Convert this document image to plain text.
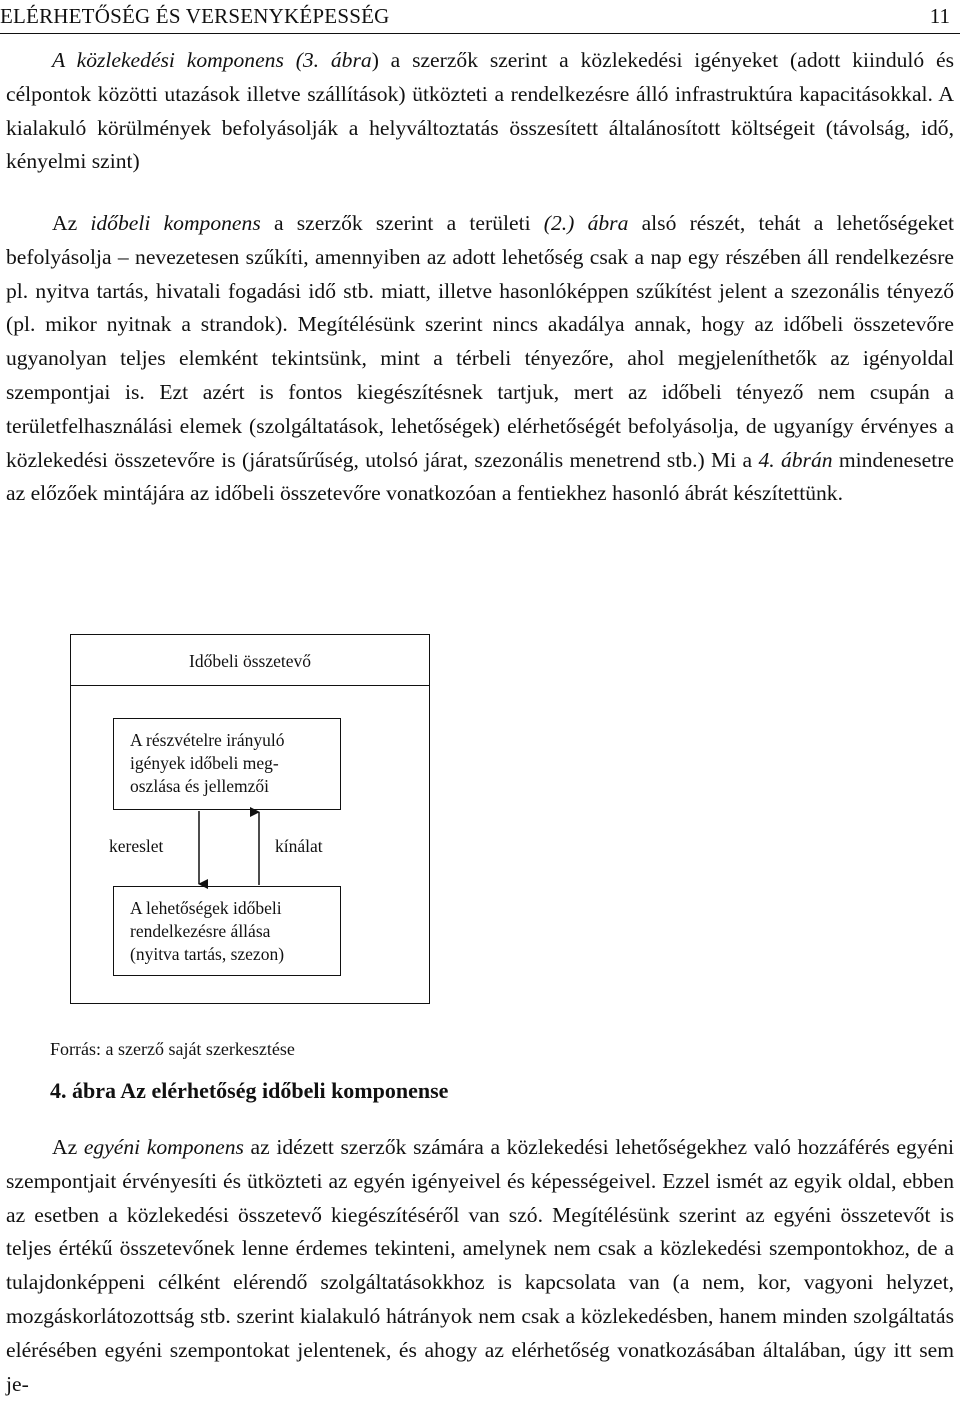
ELÉRHETŐSÉG ÉS VERSENYKÉPESSÉG	11

A közlekedési komponens (3. ábra) a szerzők szerint a közlekedési igényeket (adott kiinduló és célpontok közötti utazások illetve szállítások) ütközteti a rendelkezésre álló infrastruktúra kapacitásokkal. A kialakuló körülmények befolyásolják a helyváltoztatás összesített általánosított költségeit (távolság, idő, kényelmi szint)

Az időbeli komponens a szerzők szerint a területi (2.) ábra alsó részét, tehát a lehetőségeket befolyásolja – nevezetesen szűkíti, amennyiben az adott lehetőség csak a nap egy részében áll rendelkezésre pl. nyitva tartás, hivatali fogadási idő stb. miatt, illetve hasonlóképpen szűkítést jelent a szezonális tényező (pl. mikor nyitnak a strandok). Megítélésünk szerint nincs akadálya annak, hogy az időbeli összetevőre ugyanolyan teljes elemként tekintsünk, mint a térbeli tényezőre, ahol megjeleníthetők az igényoldal szempontjai is. Ezt azért is fontos kiegészítésnek tartjuk, mert az időbeli tényező nem csupán a területfelhasználási elemek (szolgáltatások, lehetőségek) elérhetőségét befolyásolja, de ugyanígy érvényes a közlekedési összetevőre is (járatsűrűség, utolsó járat, szezonális menetrend stb.) Mi a 4. ábrán mindenesetre az előzőek mintájára az időbeli összetevőre vonatkozóan a fentiekhez hasonló ábrát készítettünk.

Időbeli összetevő
A részvételre irányuló
igények időbeli meg-
oszlása és jellemzői
A lehetőségek időbeli
rendelkezésre állása
(nyitva tartás, szezon)
kereslet	kínálat
Forrás: a szerző saját szerkesztése
4. ábra Az elérhetőség időbeli komponense

Az egyéni komponens az idézett szerzők számára a közlekedési lehetőségekhez való hozzáférés egyéni szempontjait érvényesíti és ütközteti az egyén igényeivel és képességeivel. Ezzel ismét az egyik oldal, ebben az esetben a közlekedési összetevő kiegészítéséről van szó. Megítélésünk szerint az egyéni összetevőt is teljes értékű összetevőnek lenne érdemes tekinteni, amelynek nem csak a közlekedési szempontokhoz, de a tulajdonképpeni célként elérendő szolgáltatásokkhoz is kapcsolata van (a nem, kor, vagyoni helyzet, mozgáskorlátozottság stb. szerint kialakuló hátrányok nem csak a közlekedésben, hanem minden szolgáltatás elérésében egyéni szempontokat jelentenek, és ahogy az elérhetőség vonatkozásában általában, úgy itt sem je-
